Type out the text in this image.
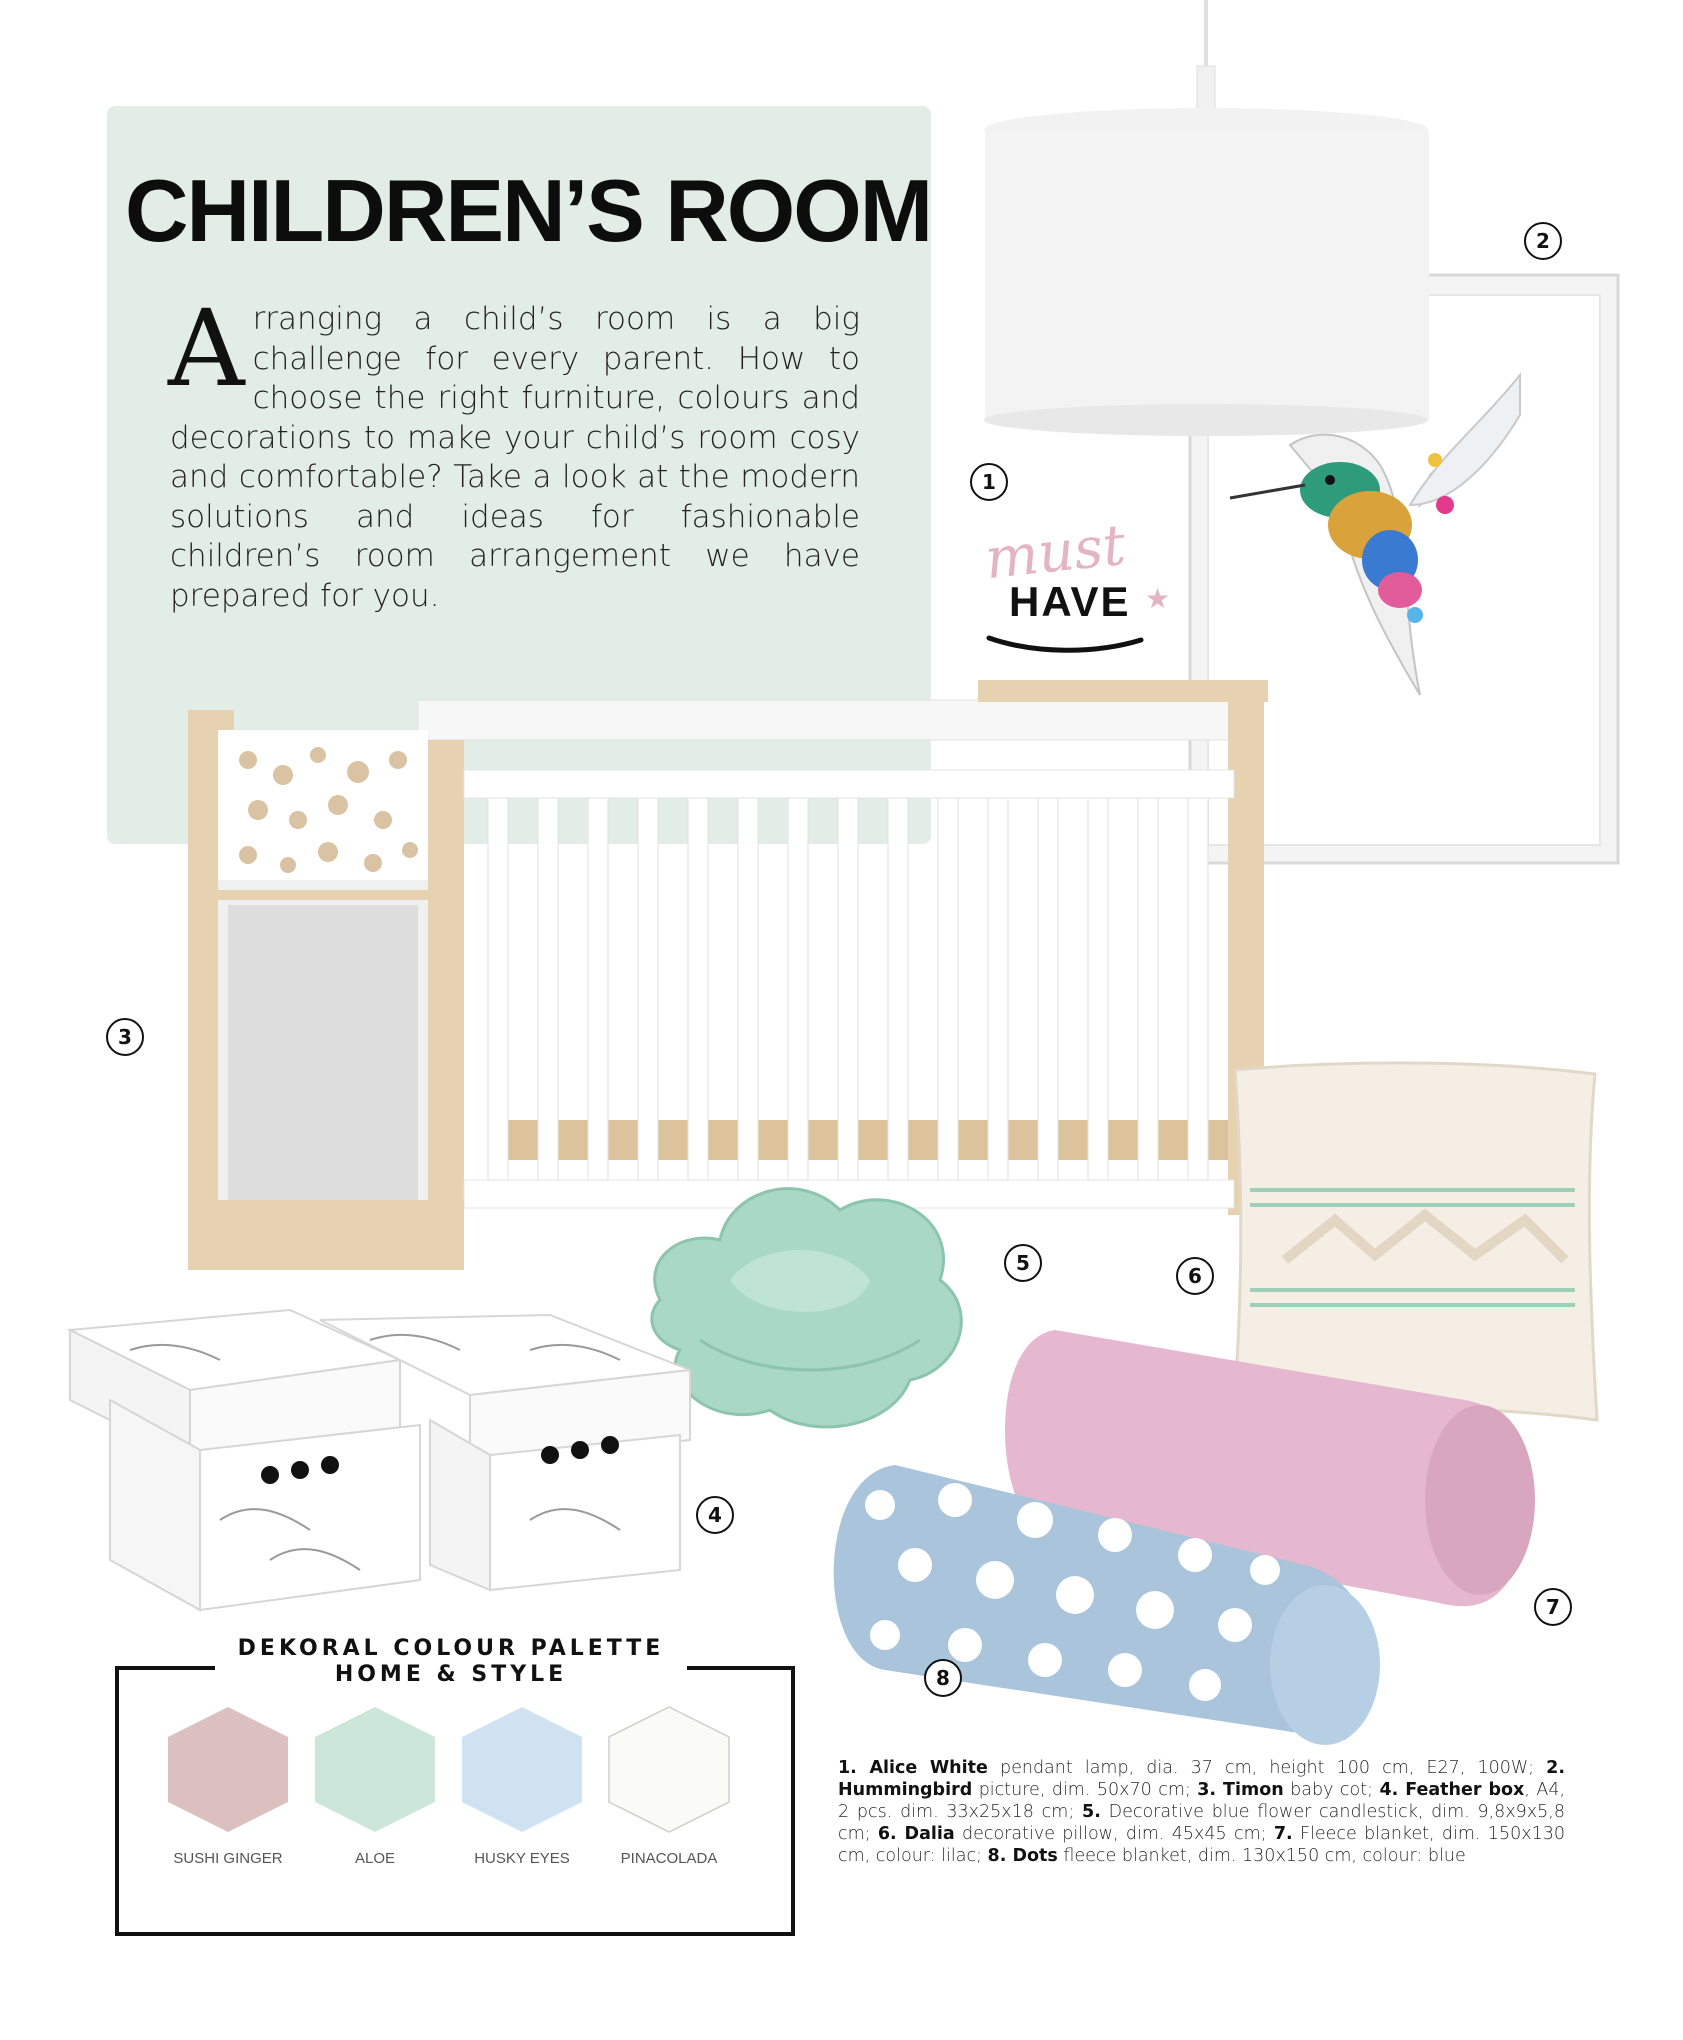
CHILDREN’S ROOM
Arranging a child’s room is a big challenge for every parent. How to choose the right furniture, colours and decorations to make your child’s room cosy and comfortable? Take a look at the modern solutions and ideas for fashionable children’s room arrangement we have prepared for you.
must
HAVE ★
1
2
3
4
5
6
7
8
DEKORAL COLOUR PALETTE
HOME & STYLE
SUSHI GINGER	ALOE	HUSKY EYES	PINACOLADA
1. Alice White pendant lamp, dia. 37 cm, height 100 cm, E27, 100W; 2. Hummingbird picture, dim. 50x70 cm; 3. Timon baby cot; 4. Feather box, A4, 2 pcs. dim. 33x25x18 cm; 5. Decorative blue flower candlestick, dim. 9,8x9x5,8 cm; 6. Dalia decorative pillow, dim. 45x45 cm; 7. Fleece blanket, dim. 150x130 cm, colour: lilac; 8. Dots fleece blanket, dim. 130x150 cm, colour: blue
